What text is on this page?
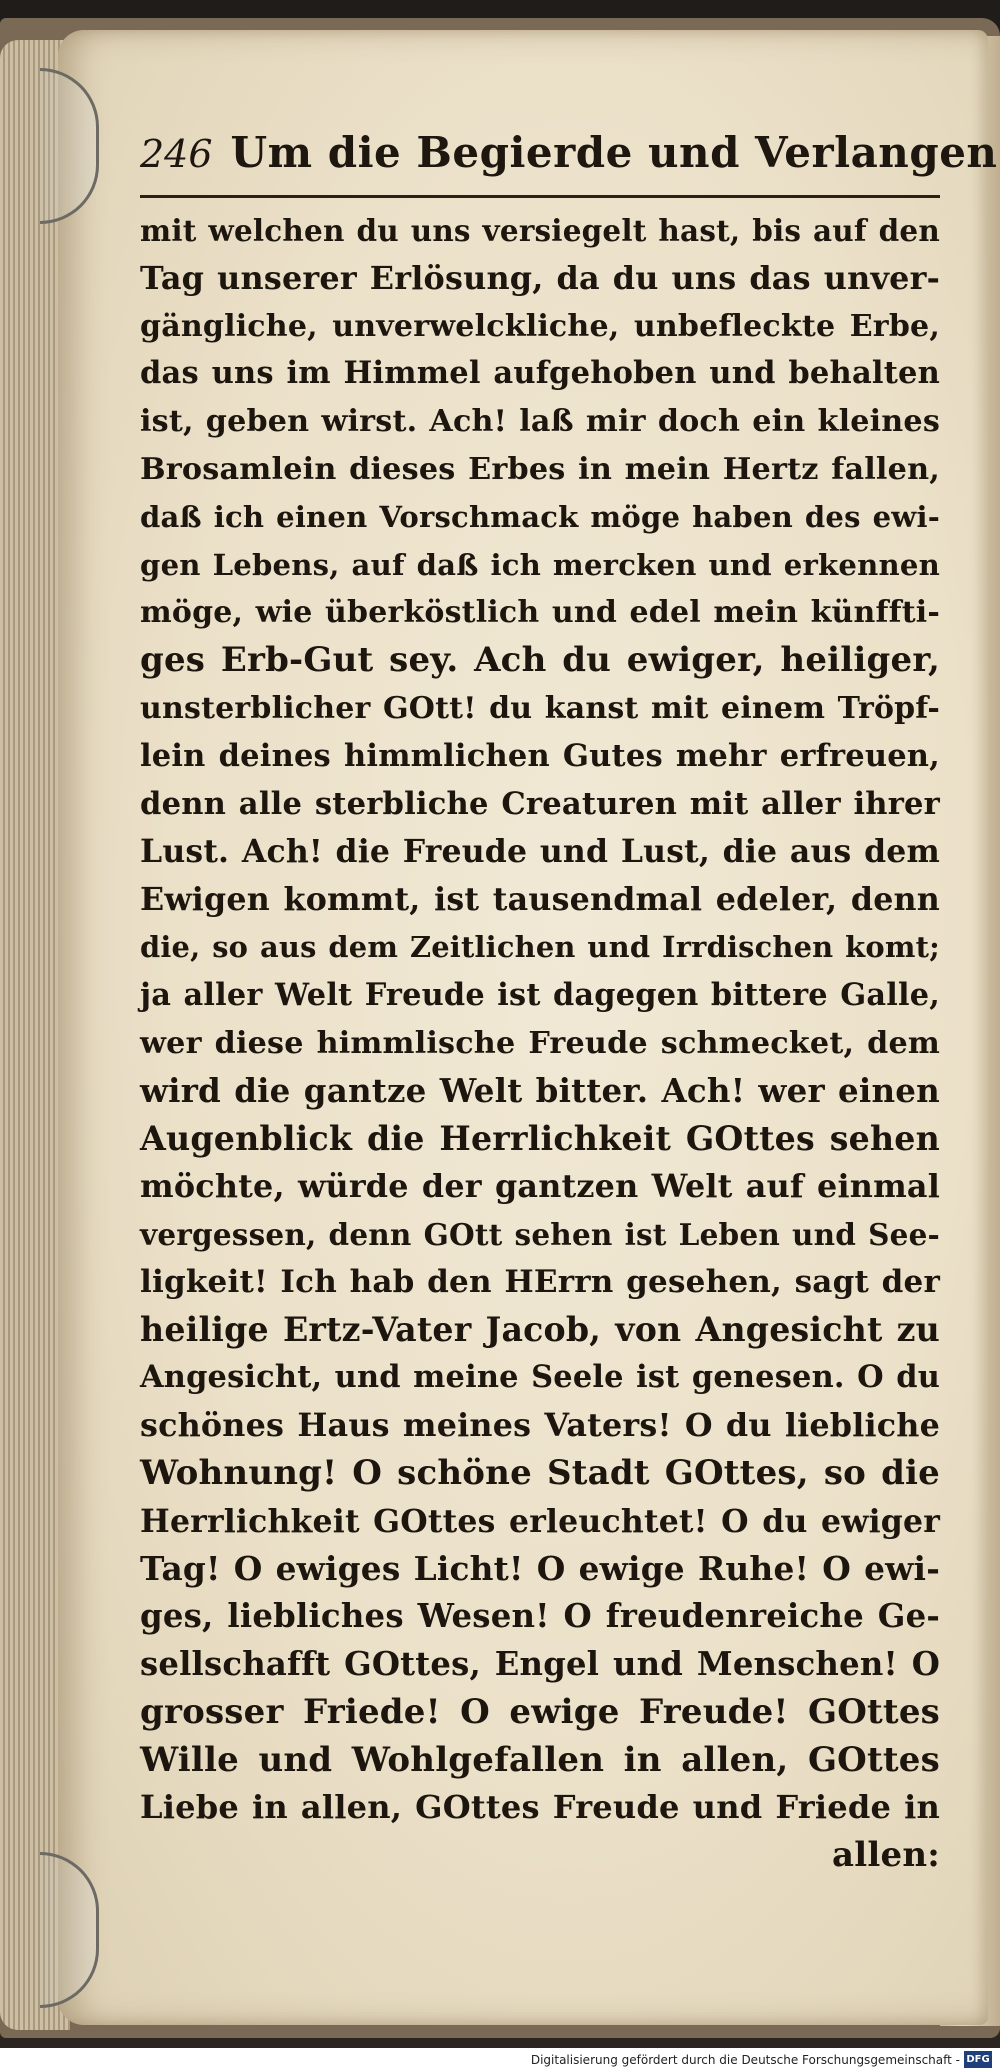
246 Um die Begierde und Verlangen
mit welchen du uns versiegelt hast, bis auf den
Tag unserer Erlösung, da du uns das unver-
gängliche, unverwelckliche, unbefleckte Erbe,
das uns im Himmel aufgehoben und behalten
ist, geben wirst. Ach! laß mir doch ein kleines
Brosamlein dieses Erbes in mein Hertz fallen,
daß ich einen Vorschmack möge haben des ewi-
gen Lebens, auf daß ich mercken und erkennen
möge, wie überköstlich und edel mein künffti-
ges Erb-Gut sey. Ach du ewiger, heiliger,
unsterblicher GOtt! du kanst mit einem Tröpf-
lein deines himmlichen Gutes mehr erfreuen,
denn alle sterbliche Creaturen mit aller ihrer
Lust. Ach! die Freude und Lust, die aus dem
Ewigen kommt, ist tausendmal edeler, denn
die, so aus dem Zeitlichen und Irrdischen komt;
ja aller Welt Freude ist dagegen bittere Galle,
wer diese himmlische Freude schmecket, dem
wird die gantze Welt bitter. Ach! wer einen
Augenblick die Herrlichkeit GOttes sehen
möchte, würde der gantzen Welt auf einmal
vergessen, denn GOtt sehen ist Leben und See-
ligkeit! Ich hab den HErrn gesehen, sagt der
heilige Ertz-Vater Jacob, von Angesicht zu
Angesicht, und meine Seele ist genesen. O du
schönes Haus meines Vaters! O du liebliche
Wohnung! O schöne Stadt GOttes, so die
Herrlichkeit GOttes erleuchtet! O du ewiger
Tag! O ewiges Licht! O ewige Ruhe! O ewi-
ges, liebliches Wesen! O freudenreiche Ge-
sellschafft GOttes, Engel und Menschen! O
grosser Friede! O ewige Freude! GOttes
Wille und Wohlgefallen in allen, GOttes
Liebe in allen, GOttes Freude und Friede in
allen:
Digitalisierung gefördert durch die Deutsche Forschungsgemeinschaft - DFG
